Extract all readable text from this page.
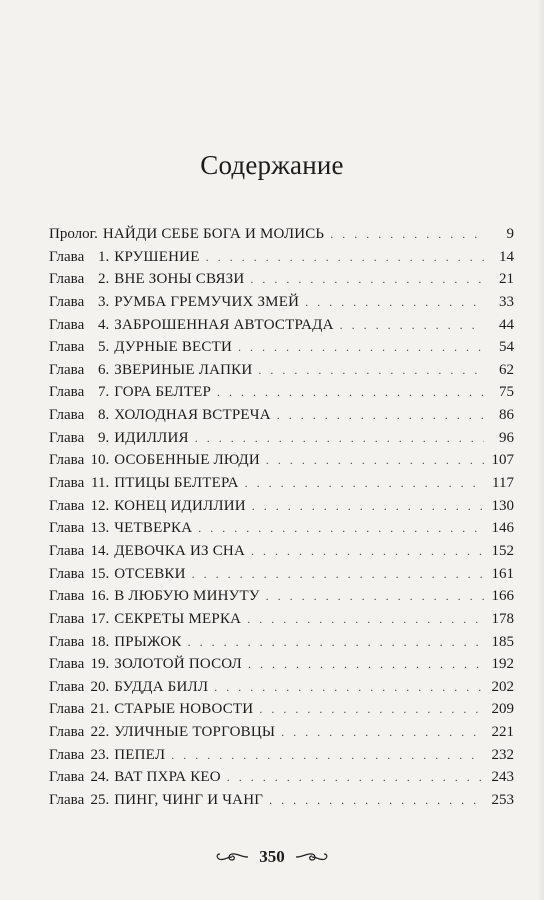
Содержание
Пролог. НАЙДИ СЕБЕ БОГА И МОЛИСЬ . . .	9
Глава 1. КРУШЕНИЕ . . .	14
Глава 2. ВНЕ ЗОНЫ СВЯЗИ . . .	21
Глава 3. РУМБА ГРЕМУЧИХ ЗМЕЙ . . .	33
Глава 4. ЗАБРОШЕННАЯ АВТОСТРАДА . . .	44
Глава 5. ДУРНЫЕ ВЕСТИ . . .	54
Глава 6. ЗВЕРИНЫЕ ЛАПКИ . . .	62
Глава 7. ГОРА БЕЛТЕР . . .	75
Глава 8. ХОЛОДНАЯ ВСТРЕЧА . . .	86
Глава 9. ИДИЛЛИЯ . . .	96
Глава 10. ОСОБЕННЫЕ ЛЮДИ . . .	107
Глава 11. ПТИЦЫ БЕЛТЕРА . . .	117
Глава 12. КОНЕЦ ИДИЛЛИИ . . .	130
Глава 13. ЧЕТВЕРКА . . .	146
Глава 14. ДЕВОЧКА ИЗ СНА . . .	152
Глава 15. ОТСЕВКИ . . .	161
Глава 16. В ЛЮБУЮ МИНУТУ . . .	166
Глава 17. СЕКРЕТЫ МЕРКА . . .	178
Глава 18. ПРЫЖОК . . .	185
Глава 19. ЗОЛОТОЙ ПОСОЛ . . .	192
Глава 20. БУДДА БИЛЛ . . .	202
Глава 21. СТАРЫЕ НОВОСТИ . . .	209
Глава 22. УЛИЧНЫЕ ТОРГОВЦЫ . . .	221
Глава 23. ПЕПЕЛ . . .	232
Глава 24. ВАТ ПХРА КЕО . . .	243
Глава 25. ПИНГ, ЧИНГ И ЧАНГ . . .	253
350
